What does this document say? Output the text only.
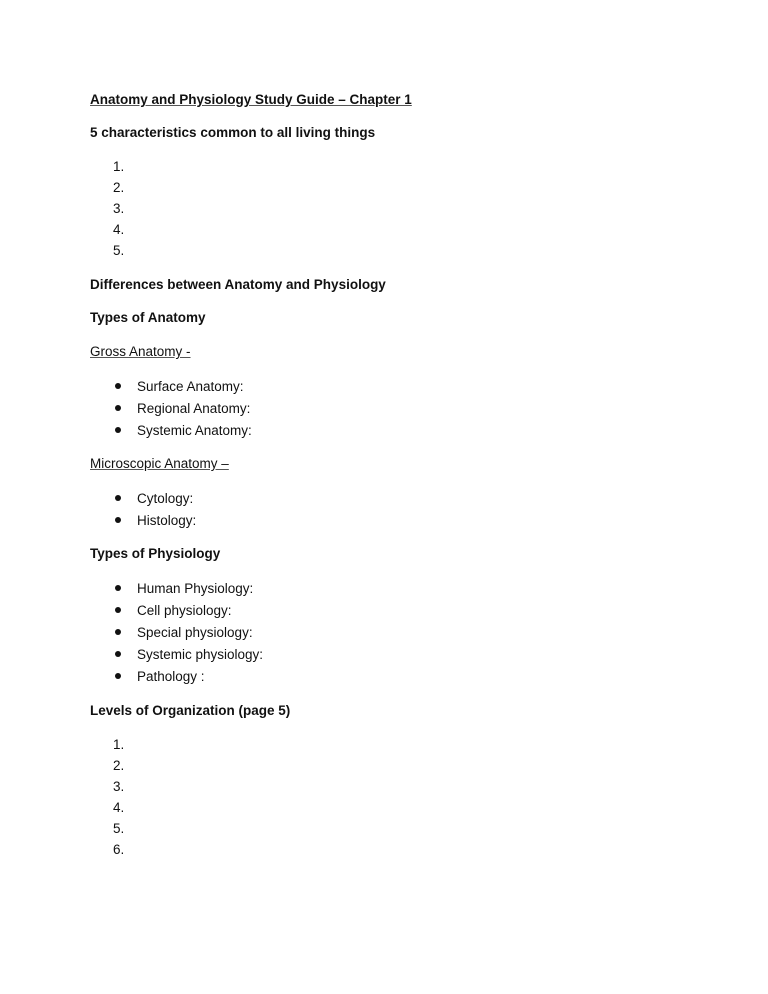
Anatomy and Physiology Study Guide – Chapter 1
5 characteristics common to all living things
1.
2.
3.
4.
5.
Differences between Anatomy and Physiology
Types of Anatomy
Gross Anatomy -
Surface Anatomy:
Regional Anatomy:
Systemic Anatomy:
Microscopic Anatomy –
Cytology:
Histology:
Types of Physiology
Human Physiology:
Cell physiology:
Special physiology:
Systemic physiology:
Pathology :
Levels of Organization (page 5)
1.
2.
3.
4.
5.
6.
